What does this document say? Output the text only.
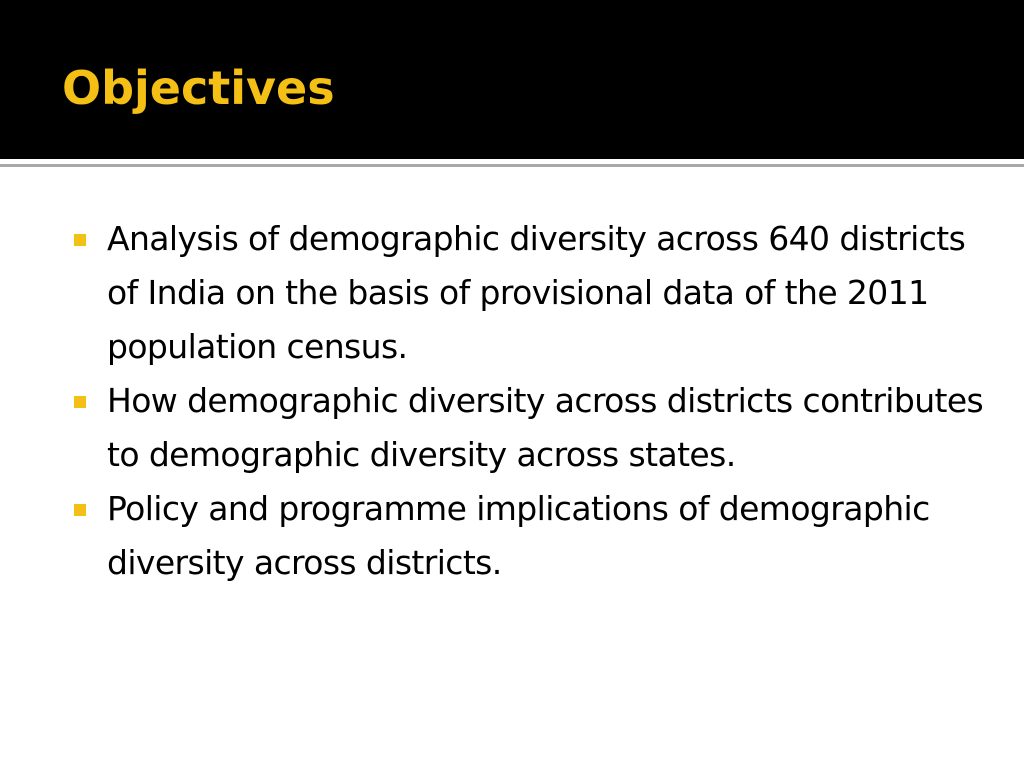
Objectives
Analysis of demographic diversity across 640 districts of India on the basis of provisional data of the 2011 population census.
How demographic diversity across districts contributes to demographic diversity across states.
Policy and programme implications of demographic diversity across districts.
